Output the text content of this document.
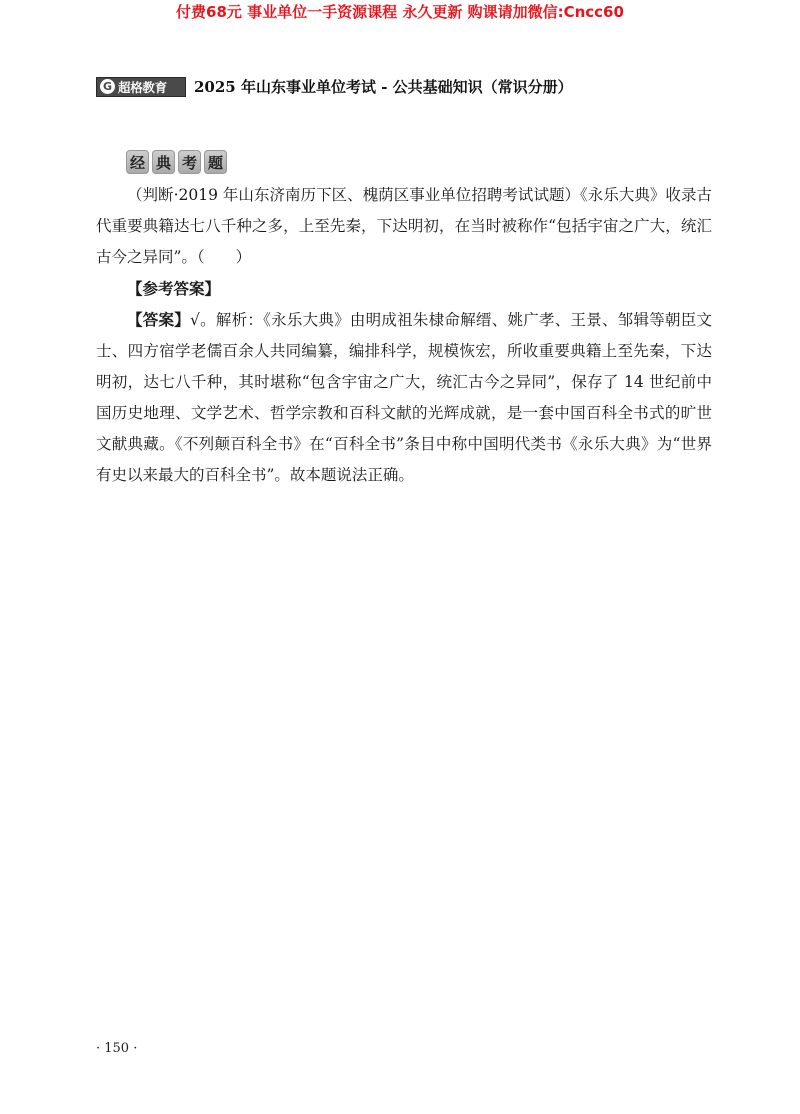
付费68元 事业单位一手资源课程 永久更新 购课请加微信:Cncc60
G 超格教育 2025 年山东事业单位考试 - 公共基础知识（常识分册）
经 典 考 题

（判断·2019 年山东济南历下区、槐荫区事业单位招聘考试试题）《永乐大典》收录古代重要典籍达七八千种之多，上至先秦，下达明初，在当时被称作“包括宇宙之广大，统汇古今之异同”。（　　）

【参考答案】

【答案】√。解析：《永乐大典》由明成祖朱棣命解缙、姚广孝、王景、邹辑等朝臣文士、四方宿学老儒百余人共同编纂，编排科学，规模恢宏，所收重要典籍上至先秦，下达明初，达七八千种，其时堪称“包含宇宙之广大，统汇古今之异同”，保存了 14 世纪前中国历史地理、文学艺术、哲学宗教和百科文献的光辉成就，是一套中国百科全书式的旷世文献典藏。《不列颠百科全书》在“百科全书”条目中称中国明代类书《永乐大典》为“世界有史以来最大的百科全书”。故本题说法正确。

· 150 ·
